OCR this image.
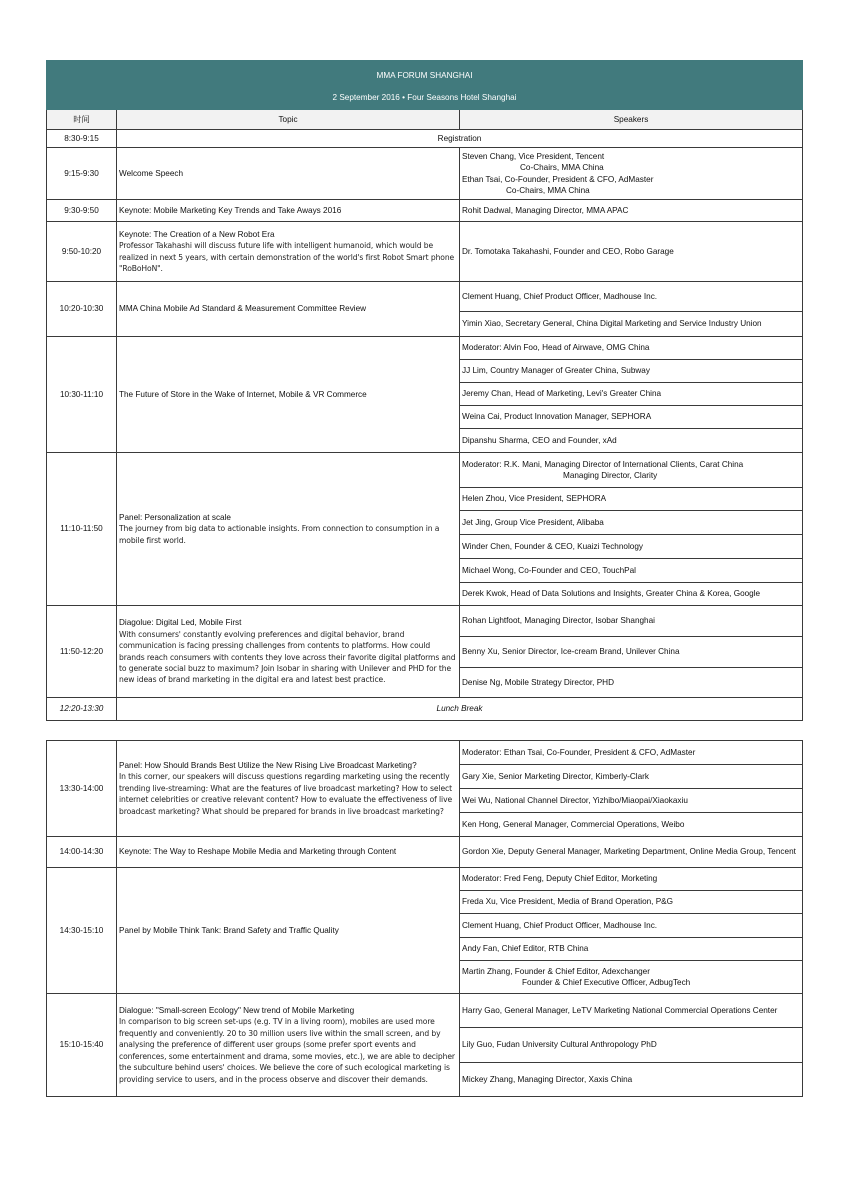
MMA FORUM SHANGHAI		
2 September 2016 • Four Seasons Hotel Shanghai		
时间	Topic	Speakers
8:30-9:15	Registration	
9:15-9:30	Welcome Speech	Steven Chang, Vice President, Tencent
Co-Chairs, MMA China
Ethan Tsai, Co-Founder, President & CFO, AdMaster
Co-Chairs, MMA China

9:30-9:50	Keynote: Mobile Marketing Key Trends and Take Aways 2016	Rohit Dadwal, Managing Director, MMA APAC
9:50-10:20	Keynote: The Creation of a New Robot Era
Professor Takahashi will discuss future life with intelligent humanoid, which would be realized in next 5 years, with certain demonstration of the world's first Robot Smart phone "RoBoHoN".	Dr. Tomotaka Takahashi, Founder and CEO, Robo Garage
10:20-10:30	MMA China Mobile Ad Standard & Measurement Committee Review	Clement Huang, Chief Product Officer, Madhouse Inc.
		Yimin Xiao, Secretary General, China Digital Marketing and Service Industry Union
10:30-11:10	The Future of Store in the Wake of Internet, Mobile & VR Commerce	Moderator: Alvin Foo, Head of Airwave, OMG China
		JJ Lim, Country Manager of Greater China, Subway
		Jeremy Chan, Head of Marketing, Levi's Greater China
		Weina Cai, Product Innovation Manager, SEPHORA
		Dipanshu Sharma, CEO and Founder, xAd
11:10-11:50	Panel: Personalization at scale
The journey from big data to actionable insights. From connection to consumption in a mobile first world.	Moderator: R.K. Mani, Managing Director of International Clients, Carat China
Managing Director, Clarity

		Helen Zhou, Vice President, SEPHORA
		Jet Jing, Group Vice President, Alibaba
		Winder Chen, Founder & CEO, Kuaizi Technology
		Michael Wong, Co-Founder and CEO, TouchPal
		Derek Kwok, Head of Data Solutions and Insights, Greater China & Korea, Google
11:50-12:20	Diagolue: Digital Led, Mobile First
With consumers' constantly evolving preferences and digital behavior, brand communication is facing pressing challenges from contents to platforms. How could brands reach consumers with contents they love across their favorite digital platforms and to generate social buzz to maximum? Join Isobar in sharing with Unilever and PHD for the new ideas of brand marketing in the digital era and latest best practice.	Rohan Lightfoot, Managing Director, Isobar Shanghai
		Benny Xu, Senior Director, Ice-cream Brand, Unilever China
		Denise Ng, Mobile Strategy Director, PHD
12:20-13:30	Lunch Break	
13:30-14:00	Panel: How Should Brands Best Utilize the New Rising Live Broadcast Marketing?
In this corner, our speakers will discuss questions regarding marketing using the recently trending live-streaming: What are the features of live broadcast marketing? How to select internet celebrities or creative relevant content? How to evaluate the effectiveness of live broadcast marketing? What should be prepared for brands in live broadcast marketing?	Moderator: Ethan Tsai, Co-Founder, President & CFO, AdMaster
		Gary Xie, Senior Marketing Director, Kimberly-Clark
		Wei Wu, National Channel Director, Yizhibo/Miaopai/Xiaokaxiu
		Ken Hong, General Manager, Commercial Operations, Weibo
14:00-14:30	Keynote: The Way to Reshape Mobile Media and Marketing through Content	Gordon Xie, Deputy General Manager, Marketing Department, Online Media Group, Tencent
14:30-15:10	Panel by Mobile Think Tank: Brand Safety and Traffic Quality	Moderator: Fred Feng, Deputy Chief Editor, Morketing
		Freda Xu, Vice President, Media of Brand Operation, P&G
		Clement Huang, Chief Product Officer, Madhouse Inc.
		Andy Fan, Chief Editor, RTB China

		Martin Zhang, Founder & Chief Editor, Adexchanger
Founder & Chief Executive Officer, AdbugTech

15:10-15:40	Dialogue: "Small-screen Ecology" New trend of Mobile Marketing
In comparison to big screen set-ups (e.g. TV in a living room), mobiles are used more frequently and conveniently. 20 to 30 million users live within the small screen, and by analysing the preference of different user groups (some prefer sport events and conferences, some entertainment and drama, some movies, etc.), we are able to decipher the subculture behind users' choices. We believe the core of such ecological marketing is providing service to users, and in the process observe and discover their demands.	Harry Gao, General Manager, LeTV Marketing National Commercial Operations Center
		Lily Guo, Fudan University Cultural Anthropology PhD
		Mickey Zhang, Managing Director, Xaxis China
